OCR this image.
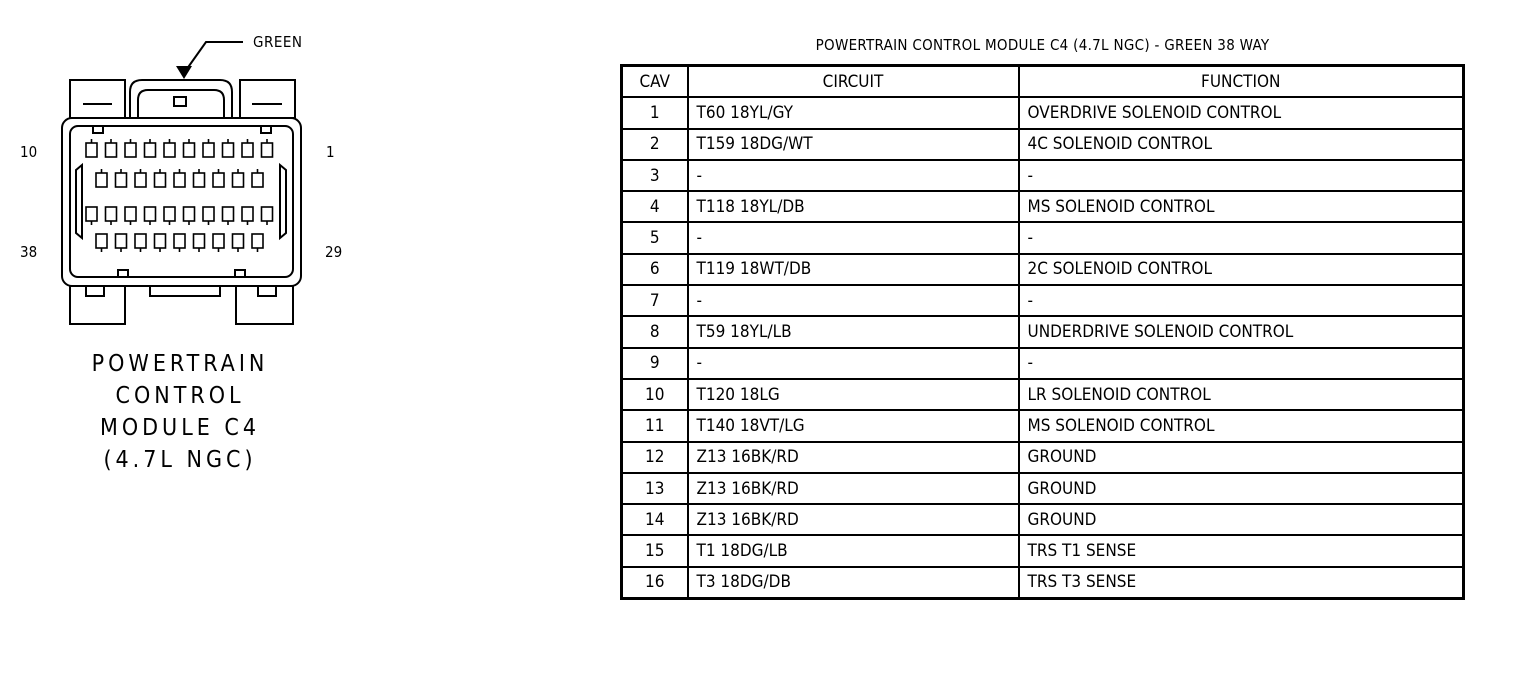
GREEN
10	1
38	29
POWERTRAIN
CONTROL
MODULE C4
(4.7L NGC)
POWERTRAIN CONTROL MODULE C4 (4.7L NGC) - GREEN 38 WAY
CAV	CIRCUIT	FUNCTION
1	T60 18YL/GY	OVERDRIVE SOLENOID CONTROL
2	T159 18DG/WT	4C SOLENOID CONTROL
3	-	-
4	T118 18YL/DB	MS SOLENOID CONTROL
5	-	-
6	T119 18WT/DB	2C SOLENOID CONTROL
7	-	-
8	T59 18YL/LB	UNDERDRIVE SOLENOID CONTROL
9	-	-
10	T120 18LG	LR SOLENOID CONTROL
11	T140 18VT/LG	MS SOLENOID CONTROL
12	Z13 16BK/RD	GROUND
13	Z13 16BK/RD	GROUND
14	Z13 16BK/RD	GROUND
15	T1 18DG/LB	TRS T1 SENSE
16	T3 18DG/DB	TRS T3 SENSE
